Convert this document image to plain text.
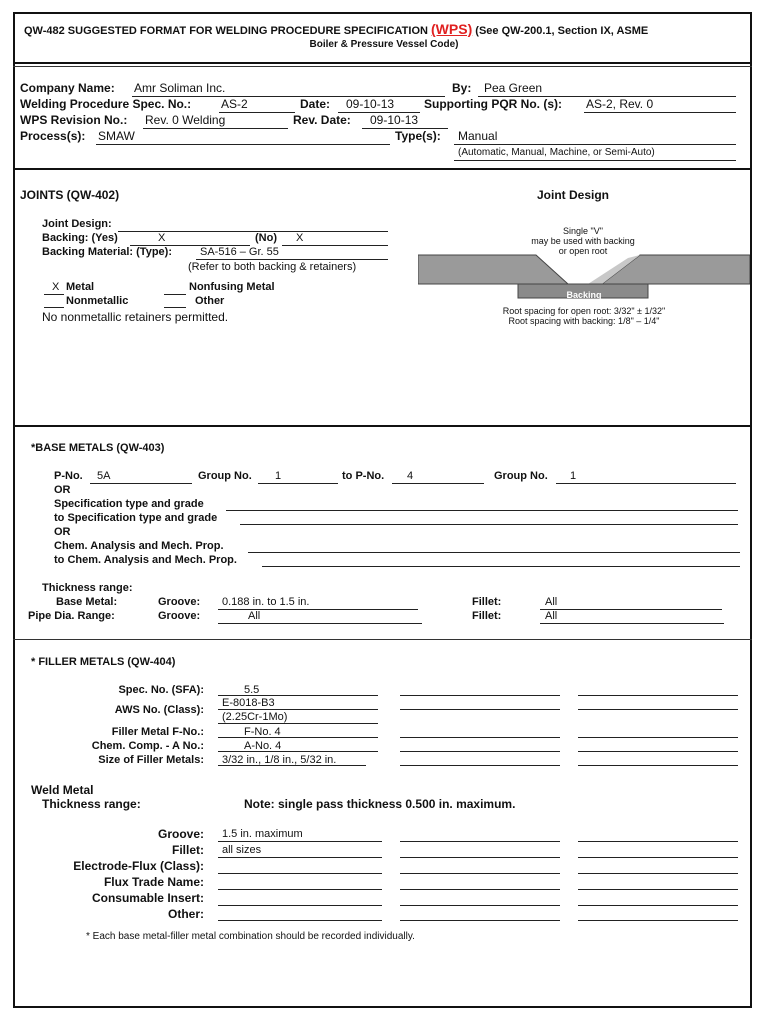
QW-482 SUGGESTED FORMAT FOR WELDING PROCEDURE SPECIFICATION (WPS) (See QW-200.1, Section IX, ASME
Boiler & Pressure Vessel Code)
Company Name: Amr Soliman Inc.	By: Pea Green
Welding Procedure Spec. No.: AS-2	Date: 09-10-13 Supporting PQR No. (s): AS-2, Rev. 0
WPS Revision No.: Rev. 0 Welding	Rev. Date: 09-10-13
Process(s): SMAW	Type(s): Manual
(Automatic, Manual, Machine, or Semi-Auto)
JOINTS (QW-402)	Joint Design
Joint Design:
Backing: (Yes)	X	(No) X
Backing Material: (Type):	SA-516 – Gr. 55
(Refer to both backing & retainers)
X Metal	Nonfusing Metal
Nonmetallic	Other
No nonmetallic retainers permitted.
Single "V"
may be used with backing
or open root
Backing
Root spacing for open root: 3/32" ± 1/32"
Root spacing with backing: 1/8" – 1/4"
*BASE METALS (QW-403)
P-No. 5A	Group No. 1	to P-No. 4	Group No. 1
OR
Specification type and grade
to Specification type and grade
OR
Chem. Analysis and Mech. Prop.
to Chem. Analysis and Mech. Prop.
Thickness range:
Base Metal:	Groove: 0.188 in. to 1.5 in.	Fillet:	All
Pipe Dia. Range:	Groove:	All	Fillet:	All
* FILLER METALS (QW-404)
Spec. No. (SFA):	5.5
AWS No. (Class):
E-8018-B3
(2.25Cr-1Mo)
Filler Metal F-No.:	F-No. 4
Chem. Comp. - A No.:	A-No. 4
Size of Filler Metals: 3/32 in., 1/8 in., 5/32 in.
Weld Metal
Thickness range:	Note: single pass thickness 0.500 in. maximum.
Groove: 1.5 in. maximum
Fillet: all sizes
Electrode-Flux (Class):
Flux Trade Name:
Consumable Insert:
Other:
* Each base metal-filler metal combination should be recorded individually.
